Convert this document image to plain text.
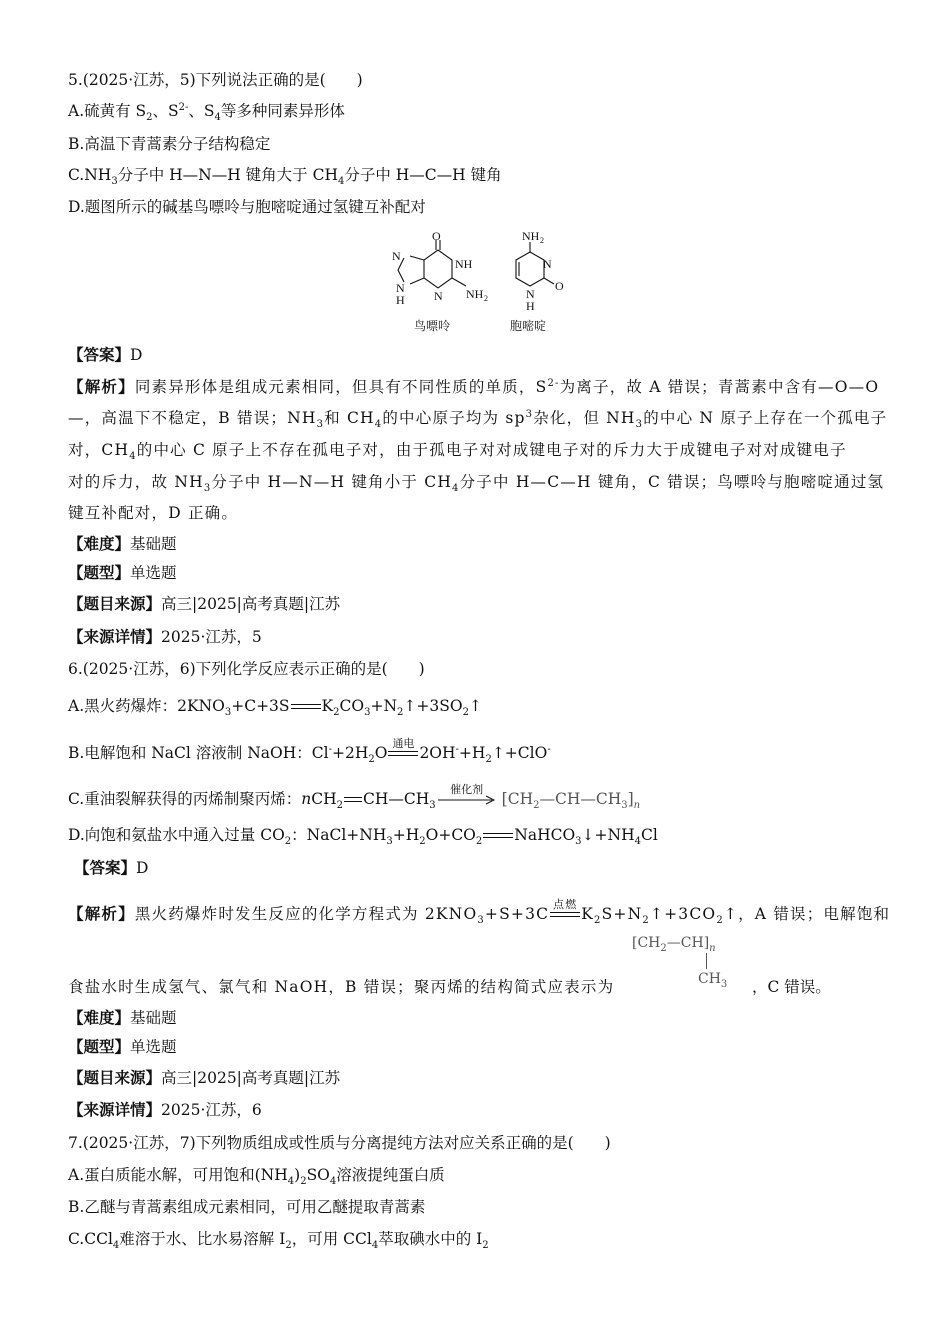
5.(2025·江苏，5)下列说法正确的是(　　)
A.硫黄有 $S_2$、$S^{2-}$、$S_4$等多种同素异形体
B.高温下青蒿素分子结构稳定
$C.NH_3$分子中 H—N—H 键角大于 $CH_4$分子中 H—C—H 键角
D.题图所示的碱基鸟嘌呤与胞嘧啶通过氢键互补配对
O
NH
N
N
N
H	NH 2
鸟嘌呤
NH 2
N
O
N
H
胞嘧啶
【答案】D
【解析】同素异形体是组成元素相同，但具有不同性质的单质，$S^{2-}$为离子，故 A 错误；青蒿素中含有—O—O
—，高温下不稳定，B 错误；$NH_3$和 $CH_4$的中心原子均为 $sp^3$杂化，但 $NH_3$的中心 N 原子上存在一个孤电子
对，$CH_4$的中心 C 原子上不存在孤电子对，由于孤电子对对成键电子对的斥力大于成键电子对对成键电子
对的斥力，故 $NH_3$分子中 H—N—H 键角小于 $CH_4$分子中 H—C—H 键角，C 错误；鸟嘌呤与胞嘧啶通过氢
键互补配对，D 正确。
【难度】基础题
【题型】单选题
【题目来源】高三|2025|高考真题|江苏
【来源详情】2025·江苏，5
6.(2025·江苏，6)下列化学反应表示正确的是(　　)
A.黑火药爆炸：$2KNO_3+C+3S$ $K_2CO_3+N_2↑+3SO_2↑$
B.电解饱和 NaCl 溶液制 NaOH：$Cl^-+2H_2O$
通电
$2OH^-+H_2↑+ClO^-$
C.重油裂解获得的丙烯制聚丙烯：nCH$_2$ $CH—CH_3$
催化剂
$[CH_2—CH—CH_3]_n$
D.向饱和氨盐水中通入过量 $CO_2$：$NaCl+NH_3+H_2O+CO_2$ $NaHCO_3↓+NH_4Cl$
【答案】D
【解析】黑火药爆炸时发生反应的化学方程式为 $2KNO_3+S+3C$
点燃
$K_2S+N_2↑+3CO_2↑$，A 错误；电解饱和
食盐水时生成氢气、氯气和 NaOH，B 错误；聚丙烯的结构简式应表示为	，C 错误。
$[CH_2—CH]_n$
$CH_3$
【难度】基础题
【题型】单选题
【题目来源】高三|2025|高考真题|江苏
【来源详情】2025·江苏，6
7.(2025·江苏，7)下列物质组成或性质与分离提纯方法对应关系正确的是(　　)
A.蛋白质能水解，可用饱和$(NH_4)_2SO_4$溶液提纯蛋白质
B.乙醚与青蒿素组成元素相同，可用乙醚提取青蒿素
C.CCl$_4$难溶于水、比水易溶解 $I_2$，可用 CCl$_4$萃取碘水中的 $I_2$
